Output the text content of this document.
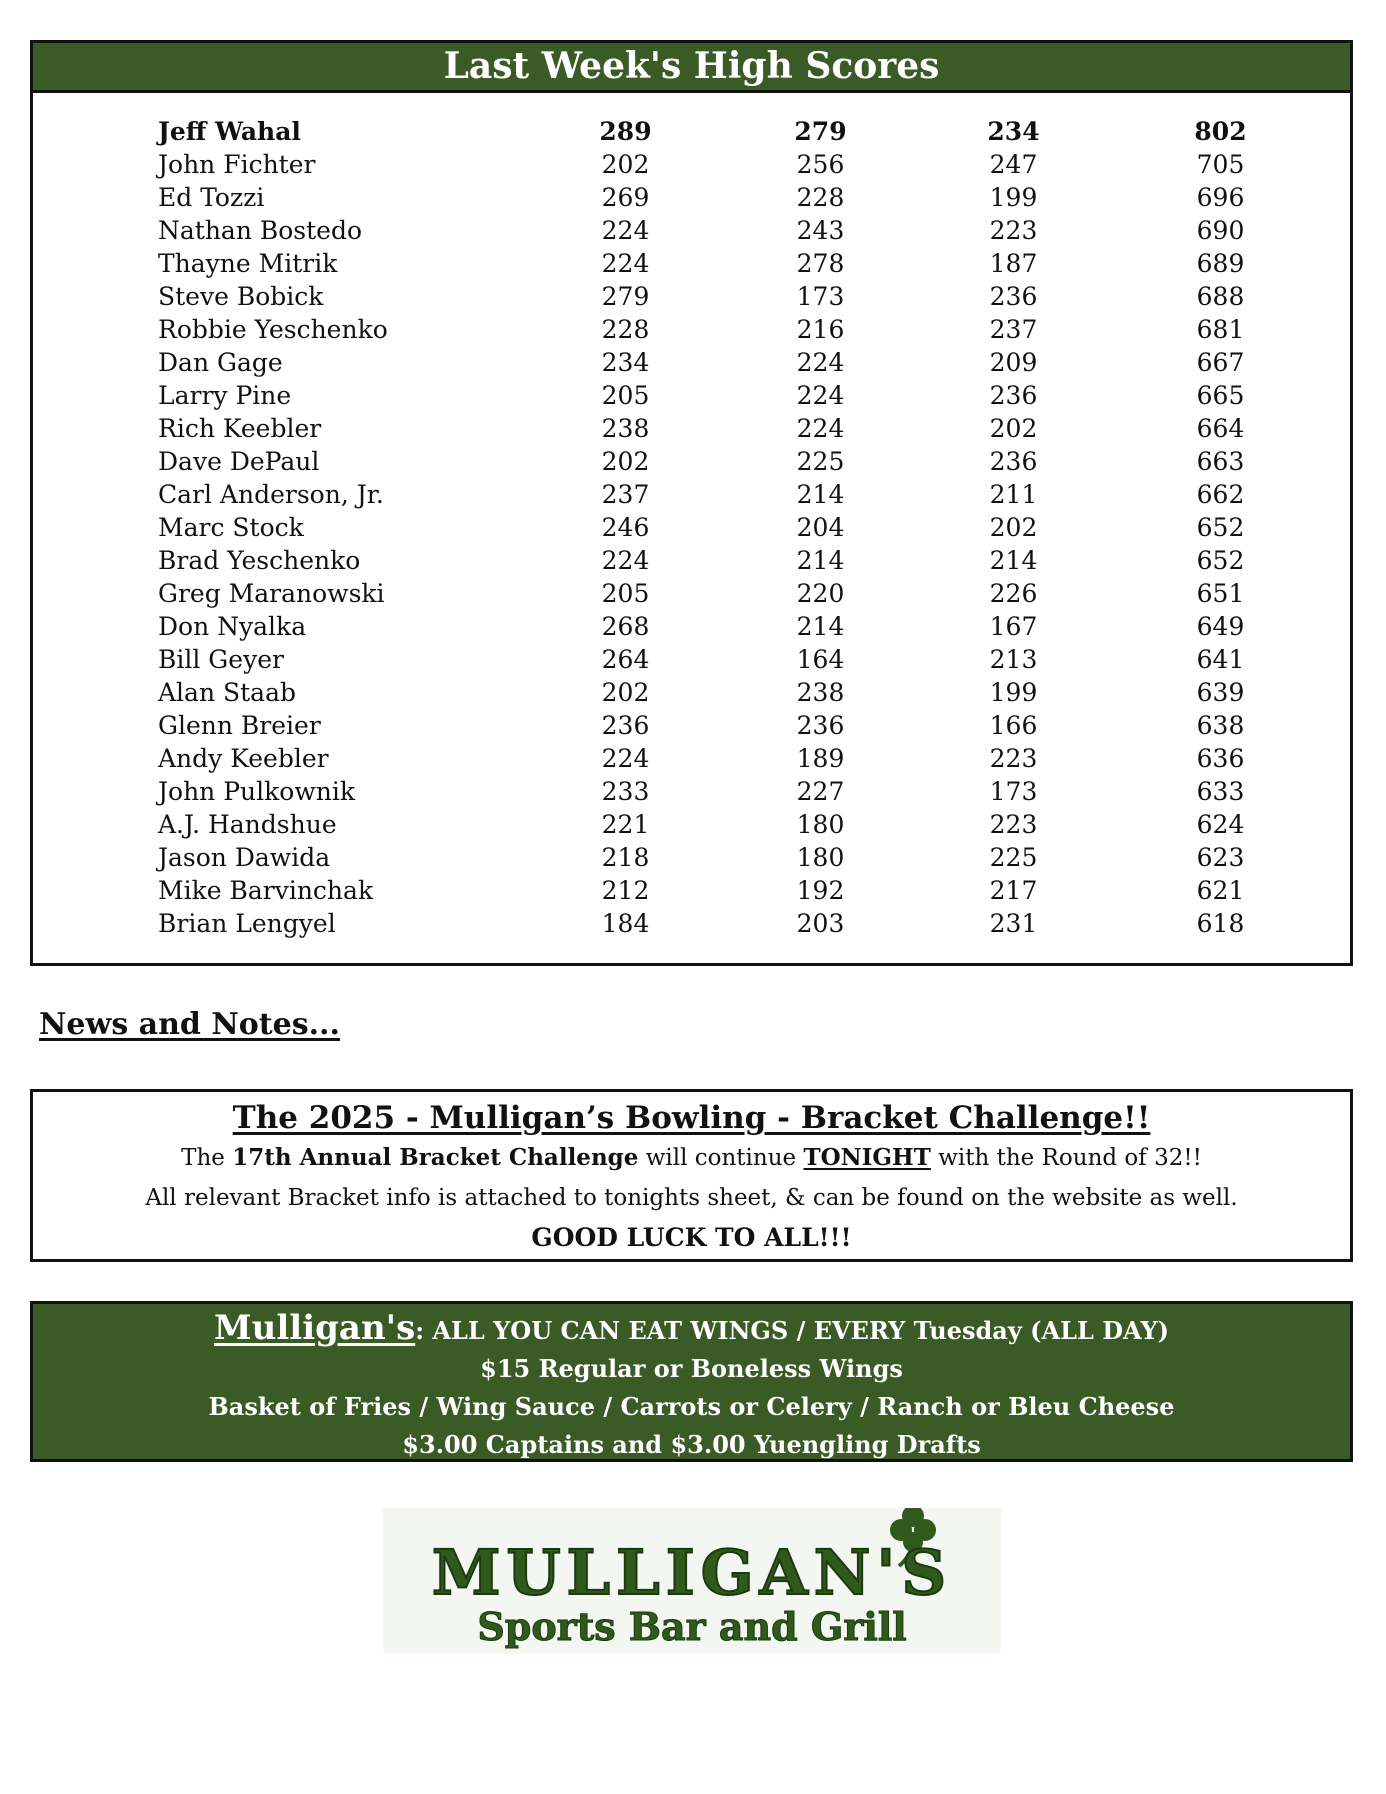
Last Week's High Scores
Jeff Wahal	289		279		234		802
John Fichter	202		256		247		705
Ed Tozzi	269		228		199		696
Nathan Bostedo	224		243		223		690
Thayne Mitrik	224		278		187		689
Steve Bobick	279		173		236		688
Robbie Yeschenko	228		216		237		681
Dan Gage	234		224		209		667
Larry Pine	205		224		236		665
Rich Keebler	238		224		202		664
Dave DePaul	202		225		236		663
Carl Anderson, Jr.	237		214		211		662
Marc Stock	246		204		202		652
Brad Yeschenko	224		214		214		652
Greg Maranowski	205		220		226		651
Don Nyalka	268		214		167		649
Bill Geyer	264		164		213		641
Alan Staab	202		238		199		639
Glenn Breier	236		236		166		638
Andy Keebler	224		189		223		636
John Pulkownik	233		227		173		633
A.J. Handshue	221		180		223		624
Jason Dawida	218		180		225		623
Mike Barvinchak	212		192		217		621
Brian Lengyel	184		203		231		618
News and Notes...
The 2025 - Mulligan’s Bowling - Bracket Challenge!!
The 17th Annual Bracket Challenge will continue TONIGHT with the Round of 32!!
All relevant Bracket info is attached to tonights sheet, & can be found on the website as well.
GOOD LUCK TO ALL!!!
Mulligan's: ALL YOU CAN EAT WINGS / EVERY Tuesday (ALL DAY)
$15 Regular or Boneless Wings
Basket of Fries / Wing Sauce / Carrots or Celery / Ranch or Bleu Cheese
$3.00 Captains and $3.00 Yuengling Drafts
MULLIGAN'S
Sports Bar and Grill
